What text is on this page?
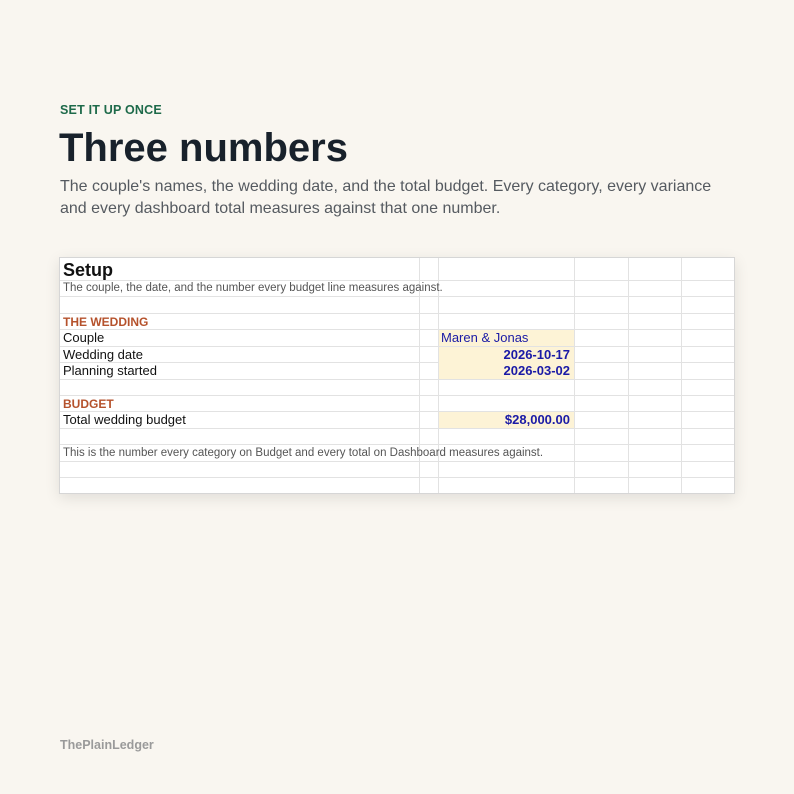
SET IT UP ONCE
Three numbers

The couple's names, the wedding date, and the total budget. Every category, every variance and every dashboard total measures against that one number.

Setup
The couple, the date, and the number every budget line measures against.
THE WEDDING
Couple	Maren & Jonas
Wedding date	2026-10-17
Planning started	2026-03-02
BUDGET
Total wedding budget	$28,000.00
This is the number every category on Budget and every total on Dashboard measures against.
ThePlainLedger
